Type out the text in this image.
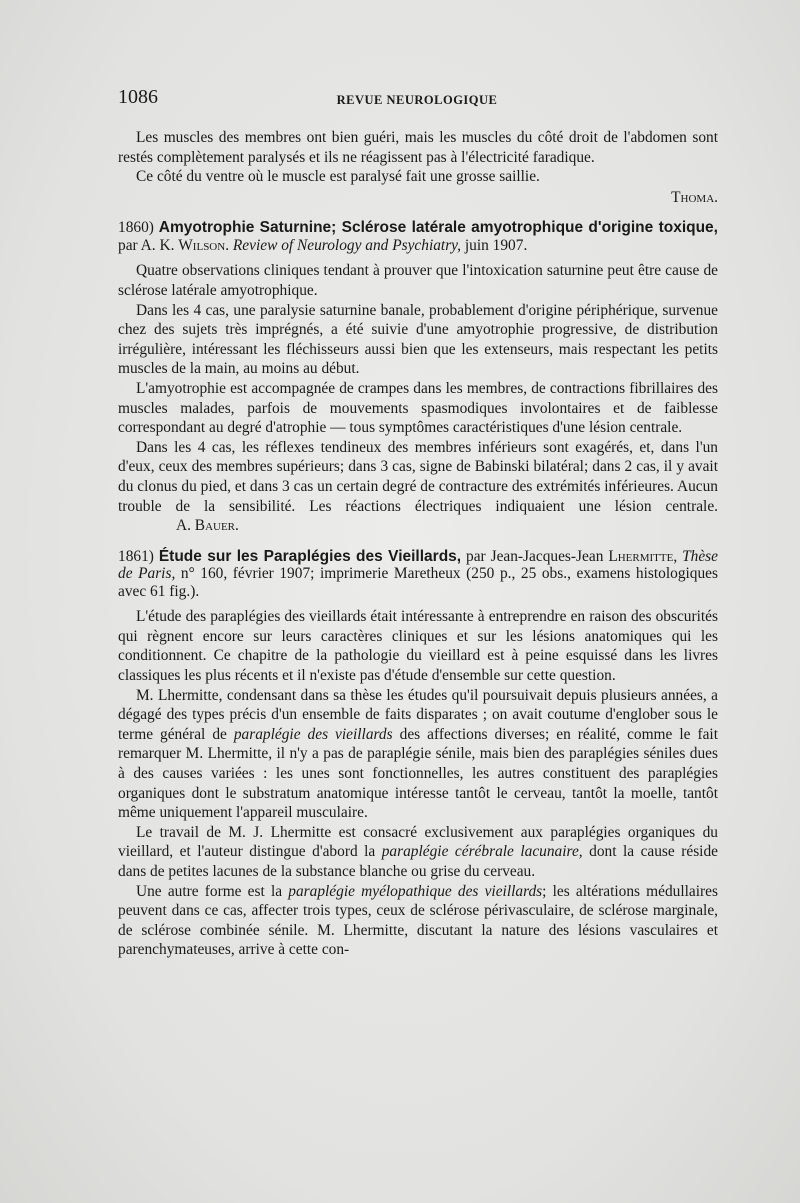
1086	REVUE NEUROLOGIQUE

Les muscles des membres ont bien guéri, mais les muscles du côté droit de l'abdomen sont restés complètement paralysés et ils ne réagissent pas à l'électricité faradique.

Ce côté du ventre où le muscle est paralysé fait une grosse saillie.

Thoma.

1860) Amyotrophie Saturnine; Sclérose latérale amyotrophique d'origine toxique, par A. K. Wilson. Review of Neurology and Psychiatry, juin 1907.

Quatre observations cliniques tendant à prouver que l'intoxication saturnine peut être cause de sclérose latérale amyotrophique.

Dans les 4 cas, une paralysie saturnine banale, probablement d'origine périphérique, survenue chez des sujets très imprégnés, a été suivie d'une amyotrophie progressive, de distribution irrégulière, intéressant les fléchisseurs aussi bien que les extenseurs, mais respectant les petits muscles de la main, au moins au début.

L'amyotrophie est accompagnée de crampes dans les membres, de contractions fibrillaires des muscles malades, parfois de mouvements spasmodiques involontaires et de faiblesse correspondant au degré d'atrophie — tous symptômes caractéristiques d'une lésion centrale.

Dans les 4 cas, les réflexes tendineux des membres inférieurs sont exagérés, et, dans l'un d'eux, ceux des membres supérieurs; dans 3 cas, signe de Babinski bilatéral; dans 2 cas, il y avait du clonus du pied, et dans 3 cas un certain degré de contracture des extrémités inférieures. Aucun trouble de la sensibilité. Les réactions électriques indiquaient une lésion centrale.A. Bauer.

1861) Étude sur les Paraplégies des Vieillards, par Jean-Jacques-Jean Lhermitte, Thèse de Paris, n° 160, février 1907; imprimerie Maretheux (250 p., 25 obs., examens histologiques avec 61 fig.).

L'étude des paraplégies des vieillards était intéressante à entreprendre en raison des obscurités qui règnent encore sur leurs caractères cliniques et sur les lésions anatomiques qui les conditionnent. Ce chapitre de la pathologie du vieillard est à peine esquissé dans les livres classiques les plus récents et il n'existe pas d'étude d'ensemble sur cette question.

M. Lhermitte, condensant dans sa thèse les études qu'il poursuivait depuis plusieurs années, a dégagé des types précis d'un ensemble de faits disparates ; on avait coutume d'englober sous le terme général de paraplégie des vieillards des affections diverses; en réalité, comme le fait remarquer M. Lhermitte, il n'y a pas de paraplégie sénile, mais bien des paraplégies séniles dues à des causes variées : les unes sont fonctionnelles, les autres constituent des paraplégies organiques dont le substratum anatomique intéresse tantôt le cerveau, tantôt la moelle, tantôt même uniquement l'appareil musculaire.

Le travail de M. J. Lhermitte est consacré exclusivement aux paraplégies organiques du vieillard, et l'auteur distingue d'abord la paraplégie cérébrale lacunaire, dont la cause réside dans de petites lacunes de la substance blanche ou grise du cerveau.

Une autre forme est la paraplégie myélopathique des vieillards; les altérations médullaires peuvent dans ce cas, affecter trois types, ceux de sclérose périvasculaire, de sclérose marginale, de sclérose combinée sénile. M. Lhermitte, discutant la nature des lésions vasculaires et parenchymateuses, arrive à cette con-
